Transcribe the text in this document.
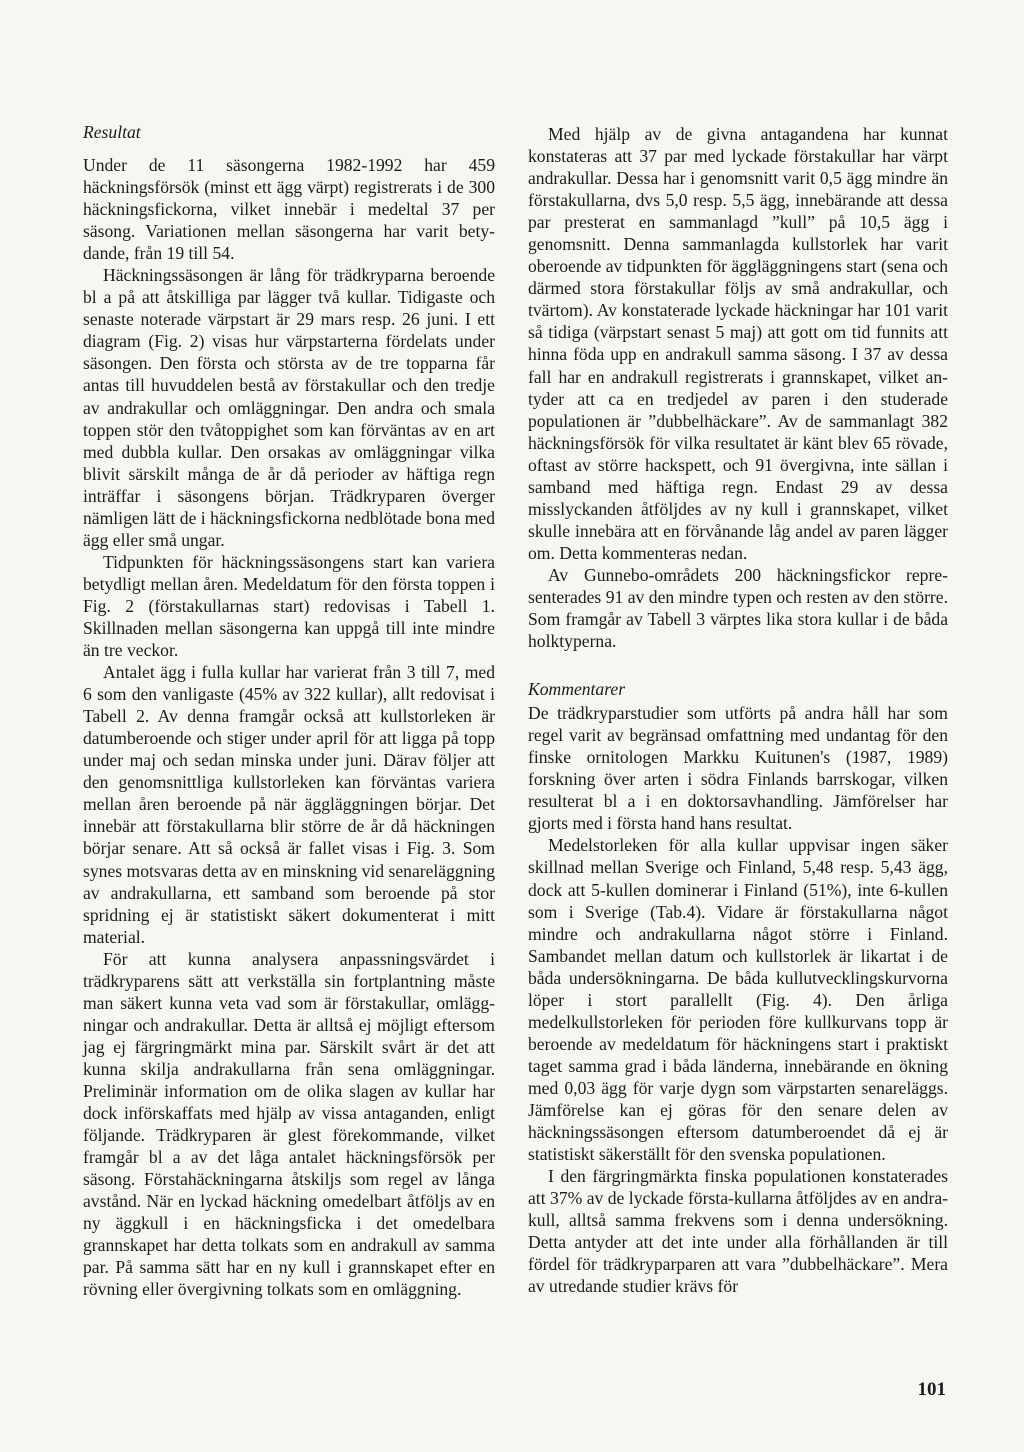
Resultat

Under de 11 säsongerna 1982-1992 har 459 häckningsförsök (minst ett ägg värpt) registrerats i de 300 häckningsfickorna, vilket innebär i medeltal 37 per säsong. Variationen mellan säsongerna har varit betydande, från 19 till 54.

Häckningssäsongen är lång för trädkryparna beroende bl a på att åtskilliga par lägger två kullar. Tidigaste och senaste noterade värpstart är 29 mars resp. 26 juni. I ett diagram (Fig. 2) visas hur värpstarterna fördelats under säsongen. Den första och största av de tre topparna får antas till huvuddelen bestå av förstakullar och den tredje av andrakullar och omläggningar. Den andra och smala toppen stör den tvåtoppighet som kan förväntas av en art med dubbla kullar. Den orsakas av omläggningar vilka blivit särskilt många de år då perioder av häftiga regn inträffar i säsongens början. Trädkryparen överger nämligen lätt de i häckningsfickorna nedblötade bona med ägg eller små ungar.

Tidpunkten för häckningssäsongens start kan variera betydligt mellan åren. Medeldatum för den första toppen i Fig. 2 (förstakullarnas start) redovisas i Tabell 1. Skillnaden mellan säsongerna kan uppgå till inte mindre än tre veckor.

Antalet ägg i fulla kullar har varierat från 3 till 7, med 6 som den vanligaste (45% av 322 kullar), allt redovisat i Tabell 2. Av denna framgår också att kullstorleken är datumberoende och stiger under april för att ligga på topp under maj och sedan minska under juni. Därav följer att den genomsnittliga kullstorleken kan förväntas variera mellan åren beroende på när äggläggningen börjar. Det innebär att förstakullarna blir större de år då häckningen börjar senare. Att så också är fallet visas i Fig. 3. Som synes motsvaras detta av en minskning vid senareläggning av andrakullarna, ett samband som beroende på stor spridning ej är statistiskt säkert dokumenterat i mitt material.

För att kunna analysera anpassningsvärdet i trädkryparens sätt att verkställa sin fortplantning måste man säkert kunna veta vad som är förstakullar, omläggningar och andrakullar. Detta är alltså ej möjligt eftersom jag ej färgringmärkt mina par. Särskilt svårt är det att kunna skilja andrakullarna från sena omläggningar. Preliminär information om de olika slagen av kullar har dock införskaffats med hjälp av vissa antaganden, enligt följande. Trädkryparen är glest förekommande, vilket framgår bl a av det låga antalet häckningsförsök per säsong. Förstahäckningarna åtskiljs som regel av långa avstånd. När en lyckad häckning omedelbart åtföljs av en ny äggkull i en häckningsficka i det omedelbara grannskapet har detta tolkats som en andrakull av samma par. På samma sätt har en ny kull i grannskapet efter en rövning eller övergivning tolkats som en omläggning.

Med hjälp av de givna antagandena har kunnat konstateras att 37 par med lyckade förstakullar har värpt andrakullar. Dessa har i genomsnitt varit 0,5 ägg mindre än förstakullarna, dvs 5,0 resp. 5,5 ägg, innebärande att dessa par presterat en sammanlagd ”kull” på 10,5 ägg i genomsnitt. Denna sammanlagda kullstorlek har varit oberoende av tidpunkten för äggläggningens start (sena och därmed stora förstakullar följs av små andrakullar, och tvärtom). Av konstaterade lyckade häckningar har 101 varit så tidiga (värpstart senast 5 maj) att gott om tid funnits att hinna föda upp en andrakull samma säsong. I 37 av dessa fall har en andrakull registrerats i grannskapet, vilket antyder att ca en tredjedel av paren i den studerade populationen är ”dubbelhäckare”. Av de sammanlagt 382 häckningsförsök för vilka resultatet är känt blev 65 rövade, oftast av större hackspett, och 91 övergivna, inte sällan i samband med häftiga regn. Endast 29 av dessa misslyckanden åtföljdes av ny kull i grannskapet, vilket skulle innebära att en förvånande låg andel av paren lägger om. Detta kommenteras nedan.

Av Gunnebo-områdets 200 häckningsfickor representerades 91 av den mindre typen och resten av den större. Som framgår av Tabell 3 värptes lika stora kullar i de båda holktyperna.

Kommentarer

De trädkryparstudier som utförts på andra håll har som regel varit av begränsad omfattning med undantag för den finske ornitologen Markku Kuitunen's (1987, 1989) forskning över arten i södra Finlands barrskogar, vilken resulterat bl a i en doktorsavhandling. Jämförelser har gjorts med i första hand hans resultat.

Medelstorleken för alla kullar uppvisar ingen säker skillnad mellan Sverige och Finland, 5,48 resp. 5,43 ägg, dock att 5-kullen dominerar i Finland (51%), inte 6-kullen som i Sverige (Tab.4). Vidare är förstakullarna något mindre och andrakullarna något större i Finland. Sambandet mellan datum och kullstorlek är likartat i de båda undersökningarna. De båda kullutvecklingskurvorna löper i stort parallellt (Fig. 4). Den årliga medelkullstorleken för perioden före kullkurvans topp är beroende av medeldatum för häckningens start i praktiskt taget samma grad i båda länderna, innebärande en ökning med 0,03 ägg för varje dygn som värpstarten senareläggs. Jämförelse kan ej göras för den senare delen av häckningssäsongen eftersom datumberoendet då ej är statistiskt säkerställt för den svenska populationen.

I den färgringmärkta finska populationen konstaterades att 37% av de lyckade första-kullarna åtföljdes av en andra-kull, alltså samma frekvens som i denna undersökning. Detta antyder att det inte under alla förhållanden är till fördel för trädkryparparen att vara ”dubbelhäckare”. Mera av utredande studier krävs för

101
